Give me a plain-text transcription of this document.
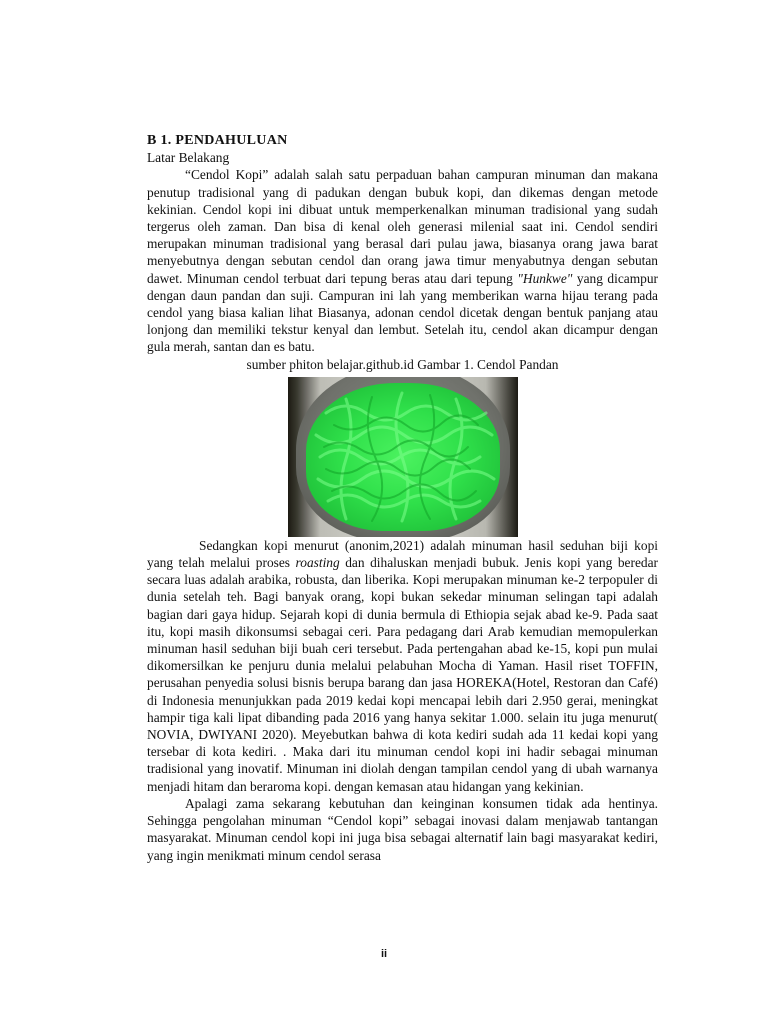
B 1. PENDAHULUAN
Latar Belakang

“Cendol Kopi” adalah salah satu perpaduan bahan campuran minuman dan makana penutup tradisional yang di padukan dengan bubuk kopi, dan dikemas dengan metode kekinian. Cendol kopi ini dibuat untuk memperkenalkan minuman tradisional yang sudah tergerus oleh zaman. Dan bisa di kenal oleh generasi milenial saat ini. Cendol sendiri merupakan minuman tradisional yang berasal dari pulau jawa, biasanya orang jawa barat menyebutnya dengan sebutan cendol dan orang jawa timur menyabutnya dengan sebutan dawet. Minuman cendol terbuat dari tepung beras atau dari tepung "Hunkwe" yang dicampur dengan daun pandan dan suji. Campuran ini lah yang memberikan warna hijau terang pada cendol yang biasa kalian lihat Biasanya, adonan cendol dicetak dengan bentuk panjang atau lonjong dan memiliki tekstur kenyal dan lembut. Setelah itu, cendol akan dicampur dengan gula merah, santan dan es batu.

sumber phiton belajar.github.id Gambar 1. Cendol Pandan

Sedangkan kopi menurut (anonim,2021) adalah minuman hasil seduhan biji kopi yang telah melalui proses roasting dan dihaluskan menjadi bubuk. Jenis kopi yang beredar secara luas adalah arabika, robusta, dan liberika. Kopi merupakan minuman ke-2 terpopuler di dunia setelah teh. Bagi banyak orang, kopi bukan sekedar minuman selingan tapi adalah bagian dari gaya hidup. Sejarah kopi di dunia bermula di Ethiopia sejak abad ke-9. Pada saat itu, kopi masih dikonsumsi sebagai ceri. Para pedagang dari Arab kemudian memopulerkan minuman hasil seduhan biji buah ceri tersebut. Pada pertengahan abad ke-15, kopi pun mulai dikomersilkan ke penjuru dunia melalui pelabuhan Mocha di Yaman. Hasil riset TOFFIN, perusahan penyedia solusi bisnis berupa barang dan jasa HOREKA(Hotel, Restoran dan Café) di Indonesia menunjukkan pada 2019 kedai kopi mencapai lebih dari 2.950 gerai, meningkat hampir tiga kali lipat dibanding pada 2016 yang hanya sekitar 1.000. selain itu juga menurut( NOVIA, DWIYANI 2020). Meyebutkan bahwa di kota kediri sudah ada 11 kedai kopi yang tersebar di kota kediri. . Maka dari itu minuman cendol kopi ini hadir sebagai minuman tradisional yang inovatif. Minuman ini diolah dengan tampilan cendol yang di ubah warnanya menjadi hitam dan beraroma kopi. dengan kemasan atau hidangan yang kekinian.

Apalagi zama sekarang kebutuhan dan keinginan konsumen tidak ada hentinya. Sehingga pengolahan minuman “Cendol kopi” sebagai inovasi dalam menjawab tantangan masyarakat. Minuman cendol kopi ini juga bisa sebagai alternatif lain bagi masyarakat kediri, yang ingin menikmati minum cendol serasa

ii
